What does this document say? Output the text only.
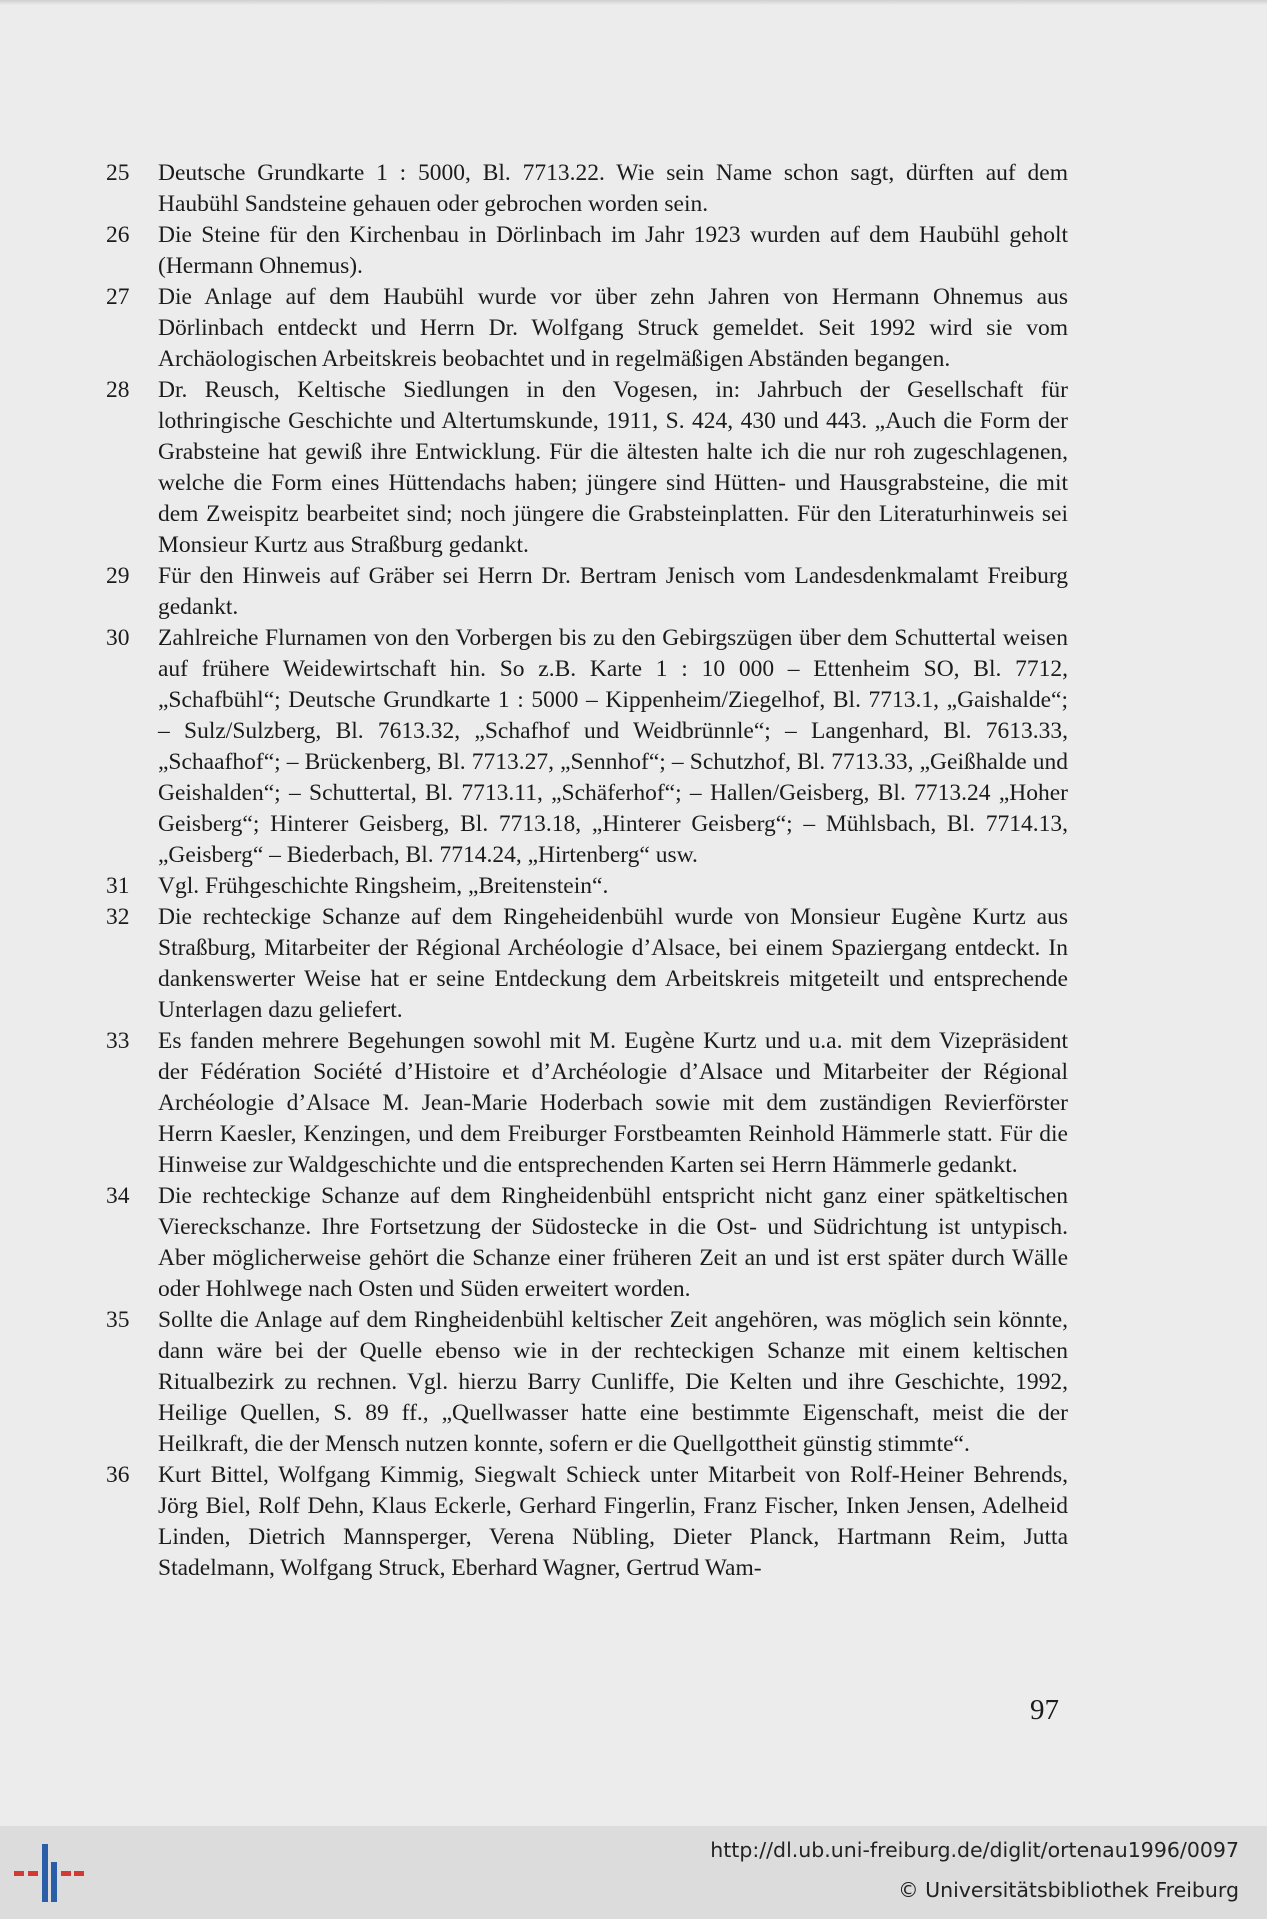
25	Deutsche Grundkarte 1 : 5000, Bl. 7713.22. Wie sein Name schon sagt, dürften auf dem Haubühl Sandsteine gehauen oder gebrochen worden sein.
26	Die Steine für den Kirchenbau in Dörlinbach im Jahr 1923 wurden auf dem Haubühl geholt (Hermann Ohnemus).
27	Die Anlage auf dem Haubühl wurde vor über zehn Jahren von Hermann Ohnemus aus Dörlinbach entdeckt und Herrn Dr. Wolfgang Struck gemeldet. Seit 1992 wird sie vom Archäologischen Arbeitskreis beobachtet und in regelmäßigen Abständen begangen.
28	Dr. Reusch, Keltische Siedlungen in den Vogesen, in: Jahrbuch der Gesellschaft für lothringische Geschichte und Altertumskunde, 1911, S. 424, 430 und 443. „Auch die Form der Grabsteine hat gewiß ihre Entwicklung. Für die ältesten halte ich die nur roh zugeschlagenen, welche die Form eines Hüttendachs haben; jüngere sind Hütten- und Hausgrabsteine, die mit dem Zweispitz bearbeitet sind; noch jüngere die Grabsteinplatten. Für den Literaturhinweis sei Monsieur Kurtz aus Straßburg gedankt.
29	Für den Hinweis auf Gräber sei Herrn Dr. Bertram Jenisch vom Landesdenkmalamt Freiburg gedankt.
30	Zahlreiche Flurnamen von den Vorbergen bis zu den Gebirgszügen über dem Schuttertal weisen auf frühere Weidewirtschaft hin. So z.B. Karte 1 : 10 000 – Ettenheim SO, Bl. 7712, „Schafbühl“; Deutsche Grundkarte 1 : 5000 – Kippenheim/Ziegelhof, Bl. 7713.1, „Gaishalde“; – Sulz/Sulzberg, Bl. 7613.32, „Schafhof und Weidbrünnle“; – Langenhard, Bl. 7613.33, „Schaafhof“; – Brückenberg, Bl. 7713.27, „Sennhof“; – Schutzhof, Bl. 7713.33, „Geißhalde und Geishalden“; – Schuttertal, Bl. 7713.11, „Schäferhof“; – Hallen/Geisberg, Bl. 7713.24 „Hoher Geisberg“; Hinterer Geisberg, Bl. 7713.18, „Hinterer Geisberg“; – Mühlsbach, Bl. 7714.13, „Geisberg“ – Biederbach, Bl. 7714.24, „Hirtenberg“ usw.
31	Vgl. Frühgeschichte Ringsheim, „Breitenstein“.
32	Die rechteckige Schanze auf dem Ringeheidenbühl wurde von Monsieur Eugène Kurtz aus Straßburg, Mitarbeiter der Régional Archéologie d’Alsace, bei einem Spaziergang entdeckt. In dankenswerter Weise hat er seine Entdeckung dem Arbeitskreis mitgeteilt und entsprechende Unterlagen dazu geliefert.
33	Es fanden mehrere Begehungen sowohl mit M. Eugène Kurtz und u.a. mit dem Vizepräsident der Fédération Société d’Histoire et d’Archéologie d’Alsace und Mitarbeiter der Régional Archéologie d’Alsace M. Jean-Marie Hoderbach sowie mit dem zuständigen Revierförster Herrn Kaesler, Kenzingen, und dem Freiburger Forstbeamten Reinhold Hämmerle statt. Für die Hinweise zur Waldgeschichte und die entsprechenden Karten sei Herrn Hämmerle gedankt.
34	Die rechteckige Schanze auf dem Ringheidenbühl entspricht nicht ganz einer spätkeltischen Viereckschanze. Ihre Fortsetzung der Südostecke in die Ost- und Südrichtung ist untypisch. Aber möglicherweise gehört die Schanze einer früheren Zeit an und ist erst später durch Wälle oder Hohlwege nach Osten und Süden erweitert worden.
35	Sollte die Anlage auf dem Ringheidenbühl keltischer Zeit angehören, was möglich sein könnte, dann wäre bei der Quelle ebenso wie in der rechteckigen Schanze mit einem keltischen Ritualbezirk zu rechnen. Vgl. hierzu Barry Cunliffe, Die Kelten und ihre Geschichte, 1992, Heilige Quellen, S. 89 ff., „Quellwasser hatte eine bestimmte Eigenschaft, meist die der Heilkraft, die der Mensch nutzen konnte, sofern er die Quellgottheit günstig stimmte“.
36	Kurt Bittel, Wolfgang Kimmig, Siegwalt Schieck unter Mitarbeit von Rolf-Heiner Behrends, Jörg Biel, Rolf Dehn, Klaus Eckerle, Gerhard Fingerlin, Franz Fischer, Inken Jensen, Adelheid Linden, Dietrich Mannsperger, Verena Nübling, Dieter Planck, Hartmann Reim, Jutta Stadelmann, Wolfgang Struck, Eberhard Wagner, Gertrud Wam-
97
http://dl.ub.uni-freiburg.de/diglit/ortenau1996/0097
© Universitätsbibliothek Freiburg
